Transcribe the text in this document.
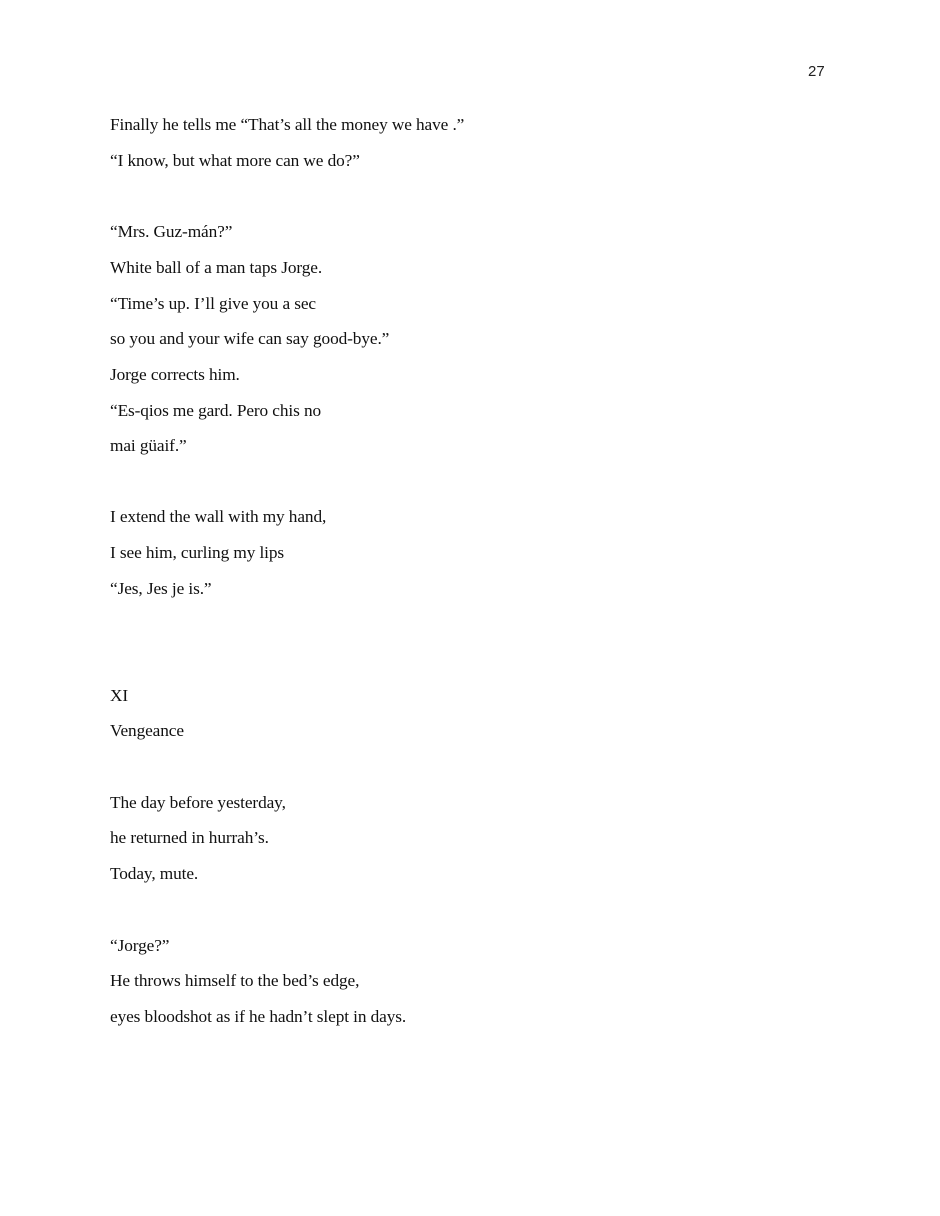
27
Finally he tells me “That’s all the money we have .”
“I know, but what more can we do?”
“Mrs. Guz-mán?”
White ball of a man taps Jorge.
“Time’s up. I’ll give you a sec
so you and your wife can say good-bye.”
Jorge corrects him.
“Es-qios me gard. Pero chis no
mai güaif.”
I extend the wall with my hand,
I see him, curling my lips
“Jes, Jes je is.”
XI
Vengeance
The day before yesterday,
he returned in hurrah’s.
Today, mute.
“Jorge?”
He throws himself to the bed’s edge,
eyes bloodshot as if he hadn’t slept in days.
